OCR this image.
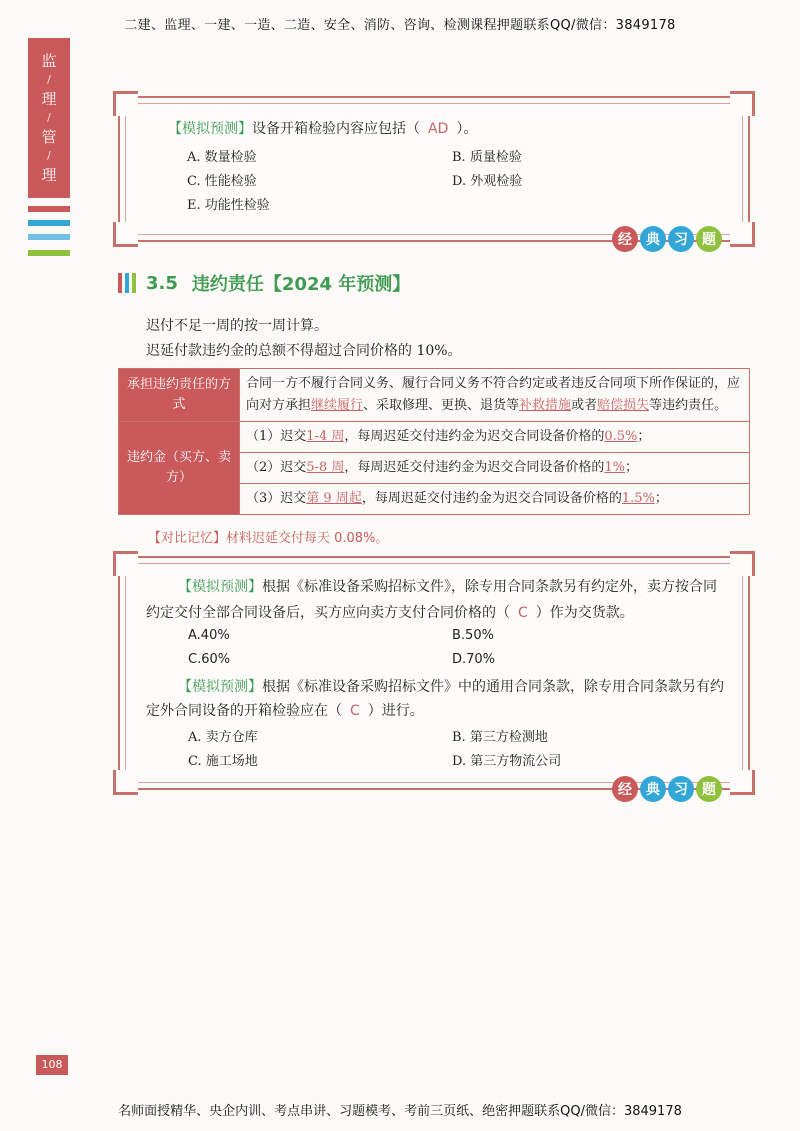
二建、监理、一建、一造、二造、安全、消防、咨询、检测课程押题联系QQ/微信：3849178
监
/
理
/
管
/
理
【模拟预测】设备开箱检验内容应包括（ AD ）。
A. 数量检验	B. 质量检验
C. 性能检验	D. 外观检验
E. 功能性检验
经	典	习	题
3.5 违约责任【2024 年预测】
迟付不足一周的按一周计算。
迟延付款违约金的总额不得超过合同价格的 10%。
承担违约责任的方式	合同一方不履行合同义务、履行合同义务不符合约定或者违反合同项下所作保证的，应向对方承担继续履行、采取修理、更换、退货等补救措施或者赔偿损失等违约责任。
违约金（买方、卖方）	（1）迟交1-4 周，每周迟延交付违约金为迟交合同设备价格的0.5%；
	（2）迟交5-8 周，每周迟延交付违约金为迟交合同设备价格的1%；
	（3）迟交第 9 周起，每周迟延交付违约金为迟交合同设备价格的1.5%；
【对比记忆】材料迟延交付每天 0.08%。
【模拟预测】根据《标准设备采购招标文件》，除专用合同条款另有约定外，卖方按合同
约定交付全部合同设备后，买方应向卖方支付合同价格的（ C ）作为交货款。
A.40%	B.50%
C.60%	D.70%
【模拟预测】根据《标准设备采购招标文件》中的通用合同条款，除专用合同条款另有约
定外合同设备的开箱检验应在（ C ）进行。
A. 卖方仓库	B. 第三方检测地
C. 施工场地	D. 第三方物流公司
经	典	习	题
108
名师面授精华、央企内训、考点串讲、习题模考、考前三页纸、绝密押题联系QQ/微信：3849178
